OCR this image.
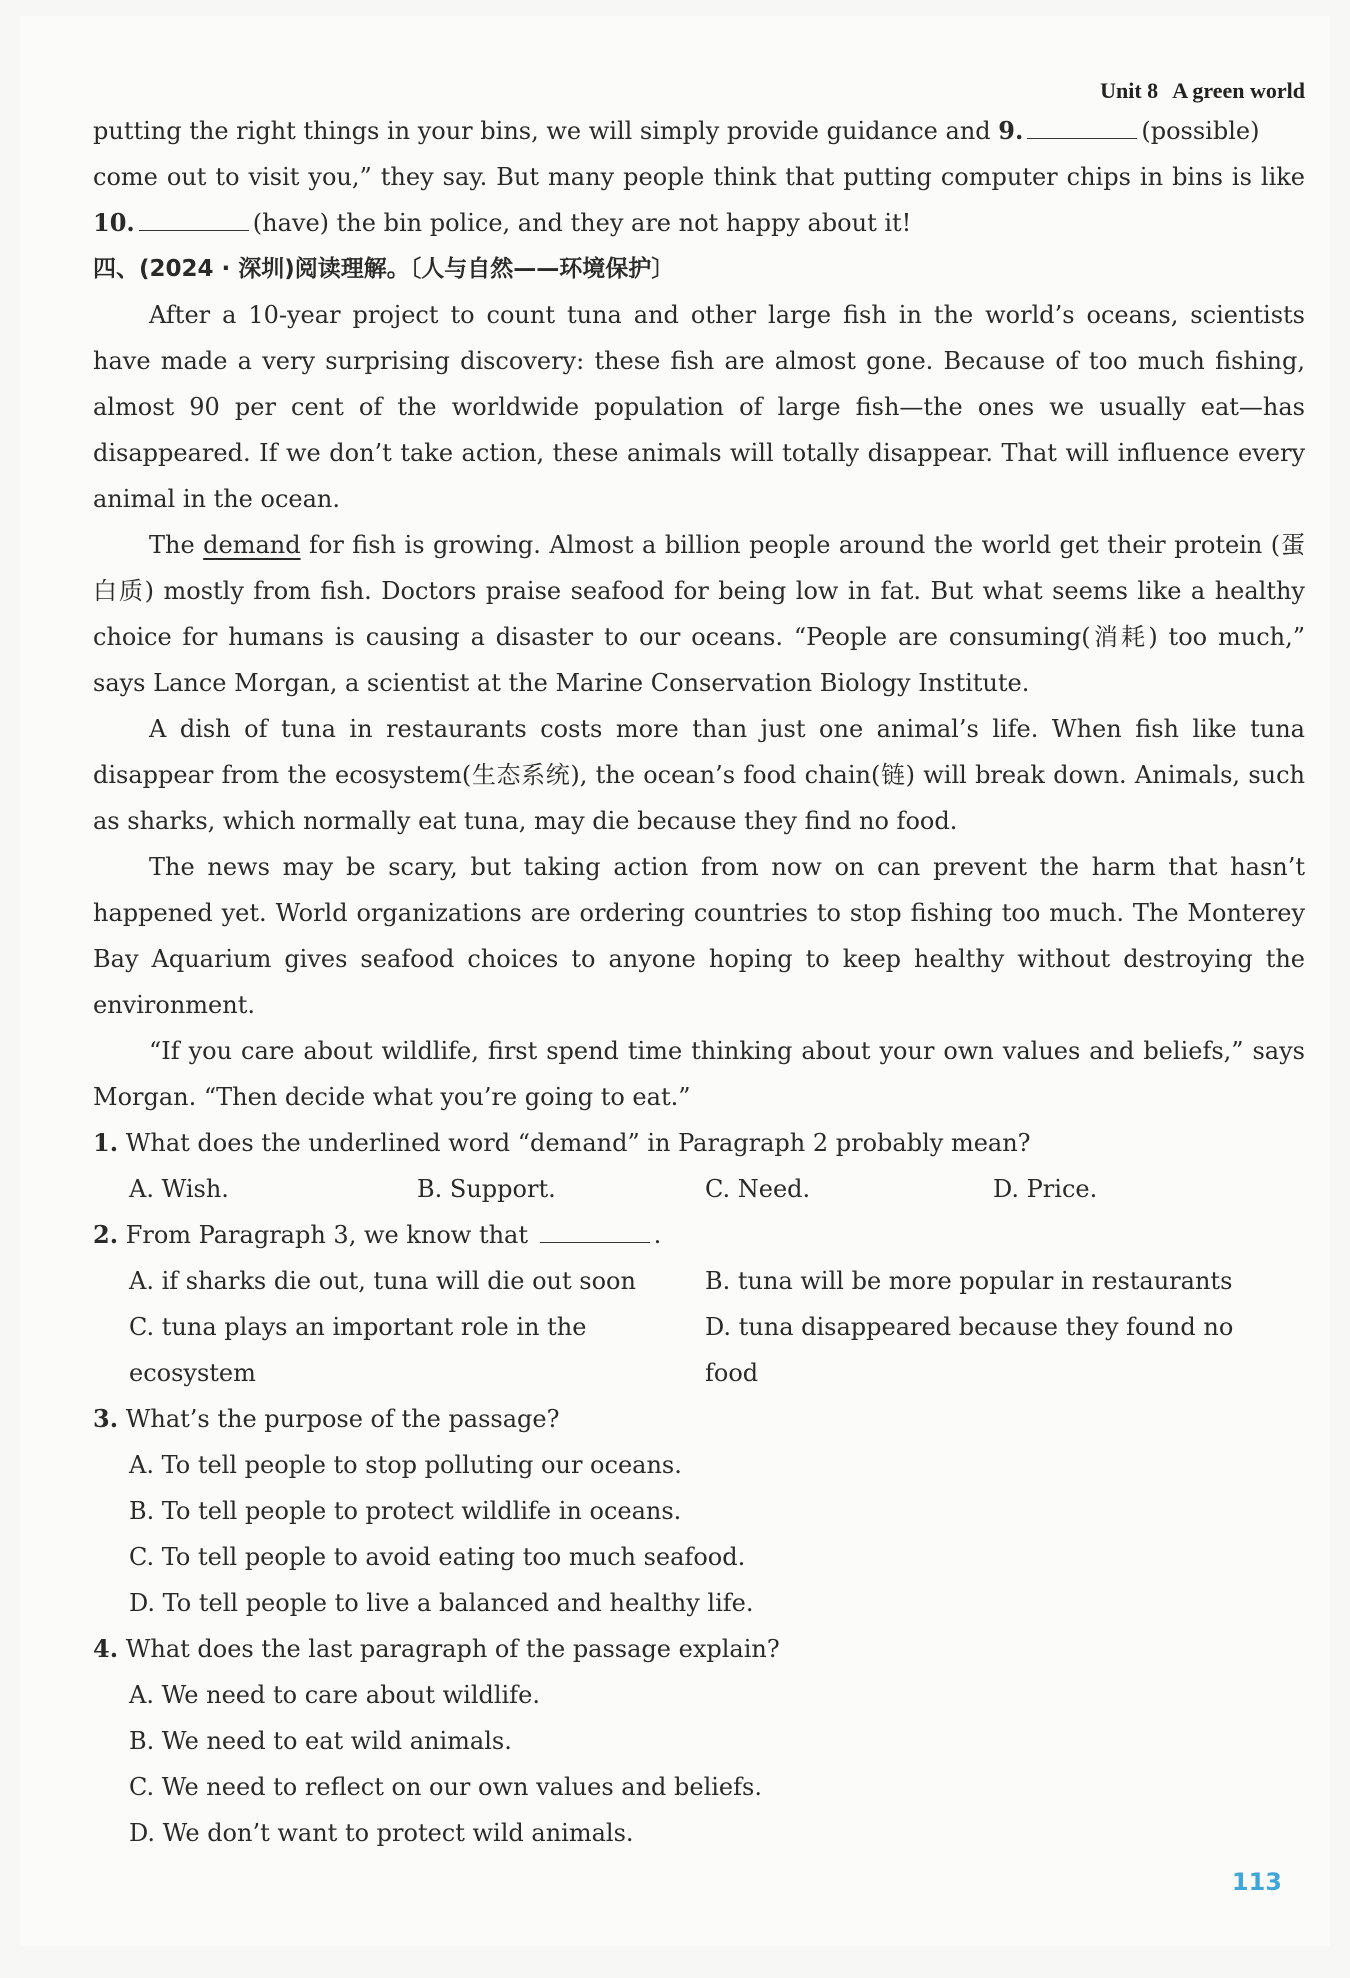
Unit 8 A green world

putting the right things in your bins, we will simply provide guidance and 9.	(possible)

come out to visit you,” they say. But many people think that putting computer chips in bins is like 10.	(have) the bin police, and they are not happy about it!

四、(2024 · 深圳)阅读理解。〔人与自然——环境保护〕

After a 10-year project to count tuna and other large fish in the world’s oceans, scientists have made a very surprising discovery: these fish are almost gone. Because of too much fishing, almost 90 per cent of the worldwide population of large fish—the ones we usually eat—has disappeared. If we don’t take action, these animals will totally disappear. That will influence every animal in the ocean.

The demand for fish is growing. Almost a billion people around the world get their protein (蛋白质) mostly from fish. Doctors praise seafood for being low in fat. But what seems like a healthy choice for humans is causing a disaster to our oceans. “People are consuming(消耗) too much,” says Lance Morgan, a scientist at the Marine Conservation Biology Institute.

A dish of tuna in restaurants costs more than just one animal’s life. When fish like tuna disappear from the ecosystem(生态系统), the ocean’s food chain(链) will break down. Animals, such as sharks, which normally eat tuna, may die because they find no food.

The news may be scary, but taking action from now on can prevent the harm that hasn’t happened yet. World organizations are ordering countries to stop fishing too much. The Monterey Bay Aquarium gives seafood choices to anyone hoping to keep healthy without destroying the environment.

“If you care about wildlife, first spend time thinking about your own values and beliefs,” says Morgan. “Then decide what you’re going to eat.”

1. What does the underlined word “demand” in Paragraph 2 probably mean?
A. Wish.	B. Support.	C. Need.	D. Price.
2. From Paragraph 3, we know that	.
A. if sharks die out, tuna will die out soon	B. tuna will be more popular in restaurants
C. tuna plays an important role in the ecosystem
D. tuna disappeared because they found no food
3. What’s the purpose of the passage?
A. To tell people to stop polluting our oceans.
B. To tell people to protect wildlife in oceans.
C. To tell people to avoid eating too much seafood.
D. To tell people to live a balanced and healthy life.
4. What does the last paragraph of the passage explain?
A. We need to care about wildlife.
B. We need to eat wild animals.
C. We need to reflect on our own values and beliefs.
D. We don’t want to protect wild animals.
113
